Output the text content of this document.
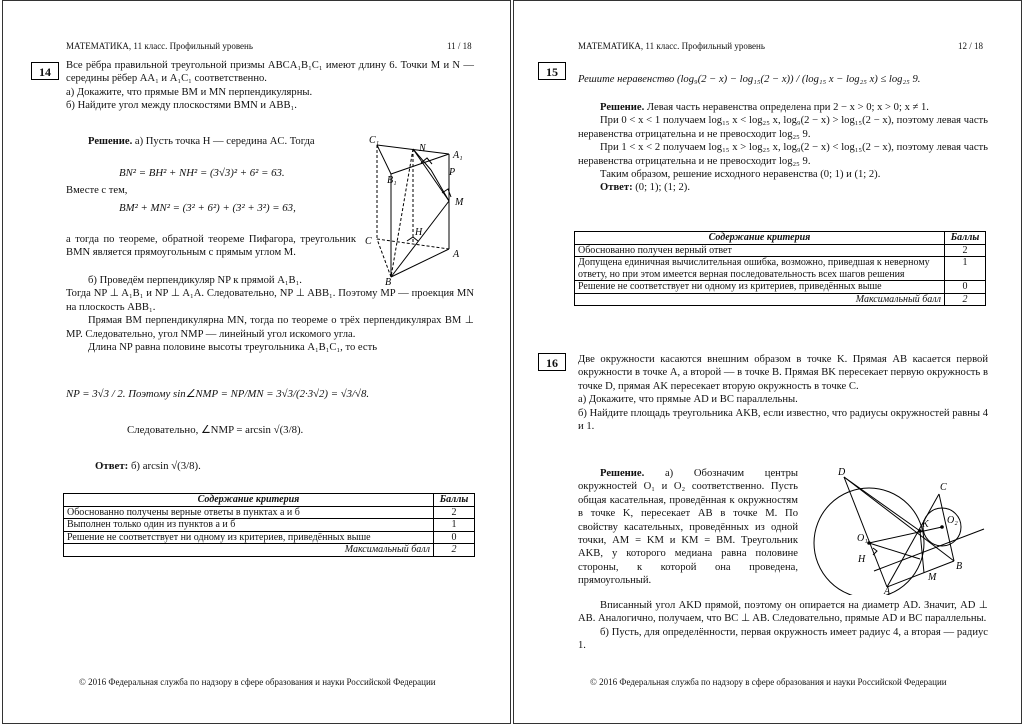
МАТЕМАТИКА, 11 класс. Профильный уровень	11 / 18
14	Все рёбра правильной треугольной призмы ABCA₁B₁C₁ имеют длину 6. Точки M и N — середины рёбер AA₁ и A₁C₁ соответственно.

а) Докажите, что прямые BM и MN перпендикулярны.

б) Найдите угол между плоскостями BMN и ABB₁.

Решение. а) Пусть точка H — середина AC. Тогда

BN² = BH² + NH² = (3√3)² + 6² = 63.
Вместе с тем,
BM² + MN² = (3² + 6²) + (3² + 3²) = 63,
а тогда по теореме, обратной теореме Пифагора, треугольник BMN является прямоугольным с прямым углом M.
C₁
N
A₁
B₁
P
M
H
C
A
B

б) Проведём перпендикуляр NP к прямой A₁B₁.

Тогда NP ⊥ A₁B₁ и NP ⊥ A₁A. Следовательно, NP ⊥ ABB₁. Поэтому MP — проекция MN на плоскость ABB₁.

Прямая BM перпендикулярна MN, тогда по теореме о трёх перпендикулярах BM ⊥ MP. Следовательно, угол NMP — линейный угол искомого угла.

Длина NP равна половине высоты треугольника A₁B₁C₁, то есть

NP = 3√3 / 2. Поэтому sin∠NMP = NP/MN = 3√3/(2·3√2) = √3/√8.
Следовательно, ∠NMP = arcsin √(3/8).
Ответ: б) arcsin √(3/8).
Содержание критерия	Баллы
Обоснованно получены верные ответы в пунктах а и б	2
Выполнен только один из пунктов а и б	1
Решение не соответствует ни одному из критериев, приведённых выше	0
Максимальный балл	2
© 2016 Федеральная служба по надзору в сфере образования и науки Российской Федерации
МАТЕМАТИКА, 11 класс. Профильный уровень	12 / 18
15
Решите неравенство (log₉(2 − x) − log₁₅(2 − x)) / (log₁₅ x − log₂₅ x) ≤ log₂₅ 9.

Решение. Левая часть неравенства определена при 2 − x > 0; x > 0; x ≠ 1.

При 0 < x < 1 получаем log₁₅ x < log₂₅ x, log₉(2 − x) > log₁₅(2 − x), поэтому левая часть неравенства отрицательна и не превосходит log₂₅ 9.

При 1 < x < 2 получаем log₁₅ x > log₂₅ x, log₉(2 − x) < log₁₅(2 − x), поэтому левая часть неравенства отрицательна и не превосходит log₂₅ 9.

Таким образом, решение исходного неравенства (0; 1) и (1; 2).

Ответ: (0; 1); (1; 2).

Содержание критерия	Баллы
Обоснованно получен верный ответ	2
Допущена единичная вычислительная ошибка, возможно, приведшая к неверному ответу, но при этом имеется верная последовательность всех шагов решения	1
Решение не соответствует ни одному из критериев, приведённых выше	0
Максимальный балл	2
16	Две окружности касаются внешним образом в точке K. Прямая AB касается первой окружности в точке A, а второй — в точке B. Прямая BK пересекает первую окружность в точке D, прямая AK пересекает вторую окружность в точке C.

а) Докажите, что прямые AD и BC параллельны.

б) Найдите площадь треугольника AKB, если известно, что радиусы окружностей равны 4 и 1.

Решение. а) Обозначим центры окружностей O₁ и O₂ соответственно. Пусть общая касательная, проведённая к окружностям в точке K, пересекает AB в точке M. По свойству касательных, проведённых из одной точки, AM = KM и KM = BM. Треугольник AKB, у которого медиана равна половине стороны, к которой она проведена, прямоугольный.

D
C
K O₂
O₁
H
B
M
A

Вписанный угол AKD прямой, поэтому он опирается на диаметр AD. Значит, AD ⊥ AB. Аналогично, получаем, что BC ⊥ AB. Следовательно, прямые AD и BC параллельны.

б) Пусть, для определённости, первая окружность имеет радиус 4, а вторая — радиус 1.

© 2016 Федеральная служба по надзору в сфере образования и науки Российской Федерации
